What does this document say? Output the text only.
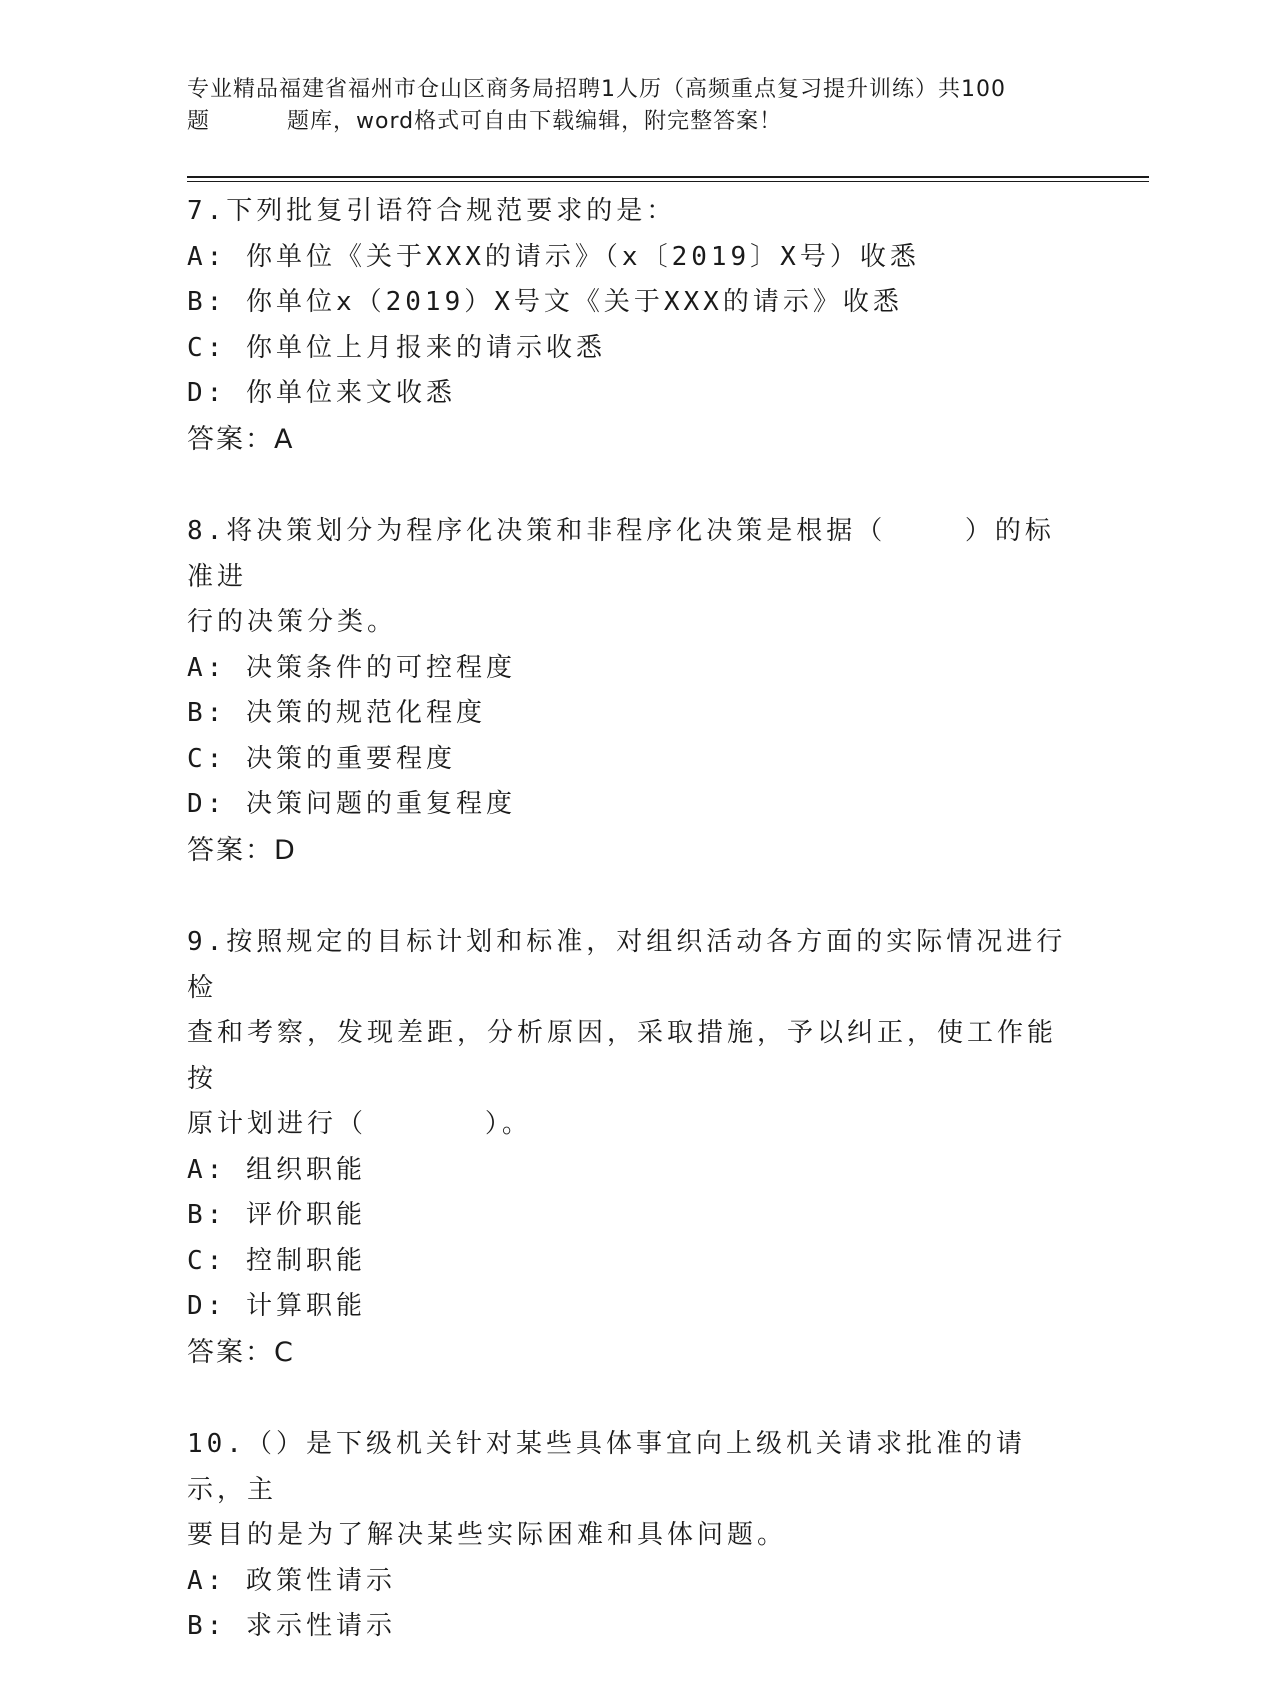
专业精品福建省福州市仓山区商务局招聘1人历（高频重点复习提升训练）共100
题	题库，word格式可自由下载编辑，附完整答案！

7.下列批复引语符合规范要求的是：

A: 你单位《关于XXX的请示》（x〔2019〕X号）收悉

B: 你单位x（2019）X号文《关于XXX的请示》收悉

C: 你单位上月报来的请示收悉

D: 你单位来文收悉

答案：A

8.将决策划分为程序化决策和非程序化决策是根据（    ）的标准进

行的决策分类。

A: 决策条件的可控程度

B: 决策的规范化程度

C: 决策的重要程度

D: 决策问题的重复程度

答案：D

9.按照规定的目标计划和标准，对组织活动各方面的实际情况进行检

查和考察，发现差距，分析原因，采取措施，予以纠正，使工作能按

原计划进行（      ）。

A: 组织职能

B: 评价职能

C: 控制职能

D: 计算职能

答案：C

10.（）是下级机关针对某些具体事宜向上级机关请求批准的请示，主

要目的是为了解决某些实际困难和具体问题。

A: 政策性请示

B: 求示性请示
